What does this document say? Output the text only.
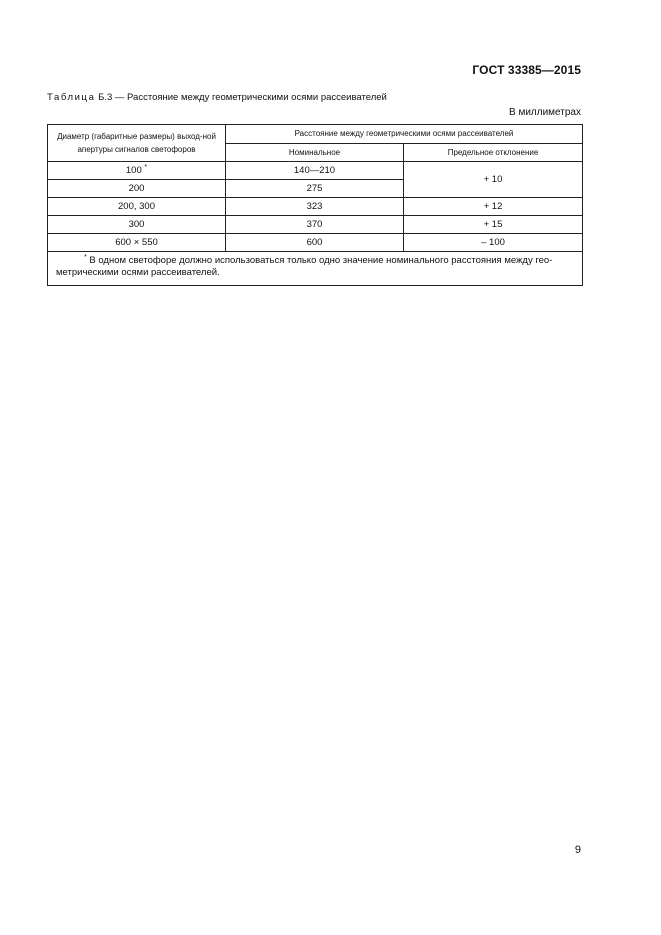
ГОСТ 33385—2015
Таблица Б.3 — Расстояние между геометрическими осями рассеивателей
В миллиметрах
Диаметр (габаритные размеры) выход-ной апертуры сигналов светофоров	Расстояние между геометрическими осями рассеивателей	
	Номинальное	Предельное отклонение
100 *	140—210	+ 10
200	275	
200, 300	323	+ 12
300	370	+ 15
600 × 550	600	– 100
* В одном светофоре должно использоваться только одно значение номинального расстояния между гео-метрическими осями рассеивателей.		
9
